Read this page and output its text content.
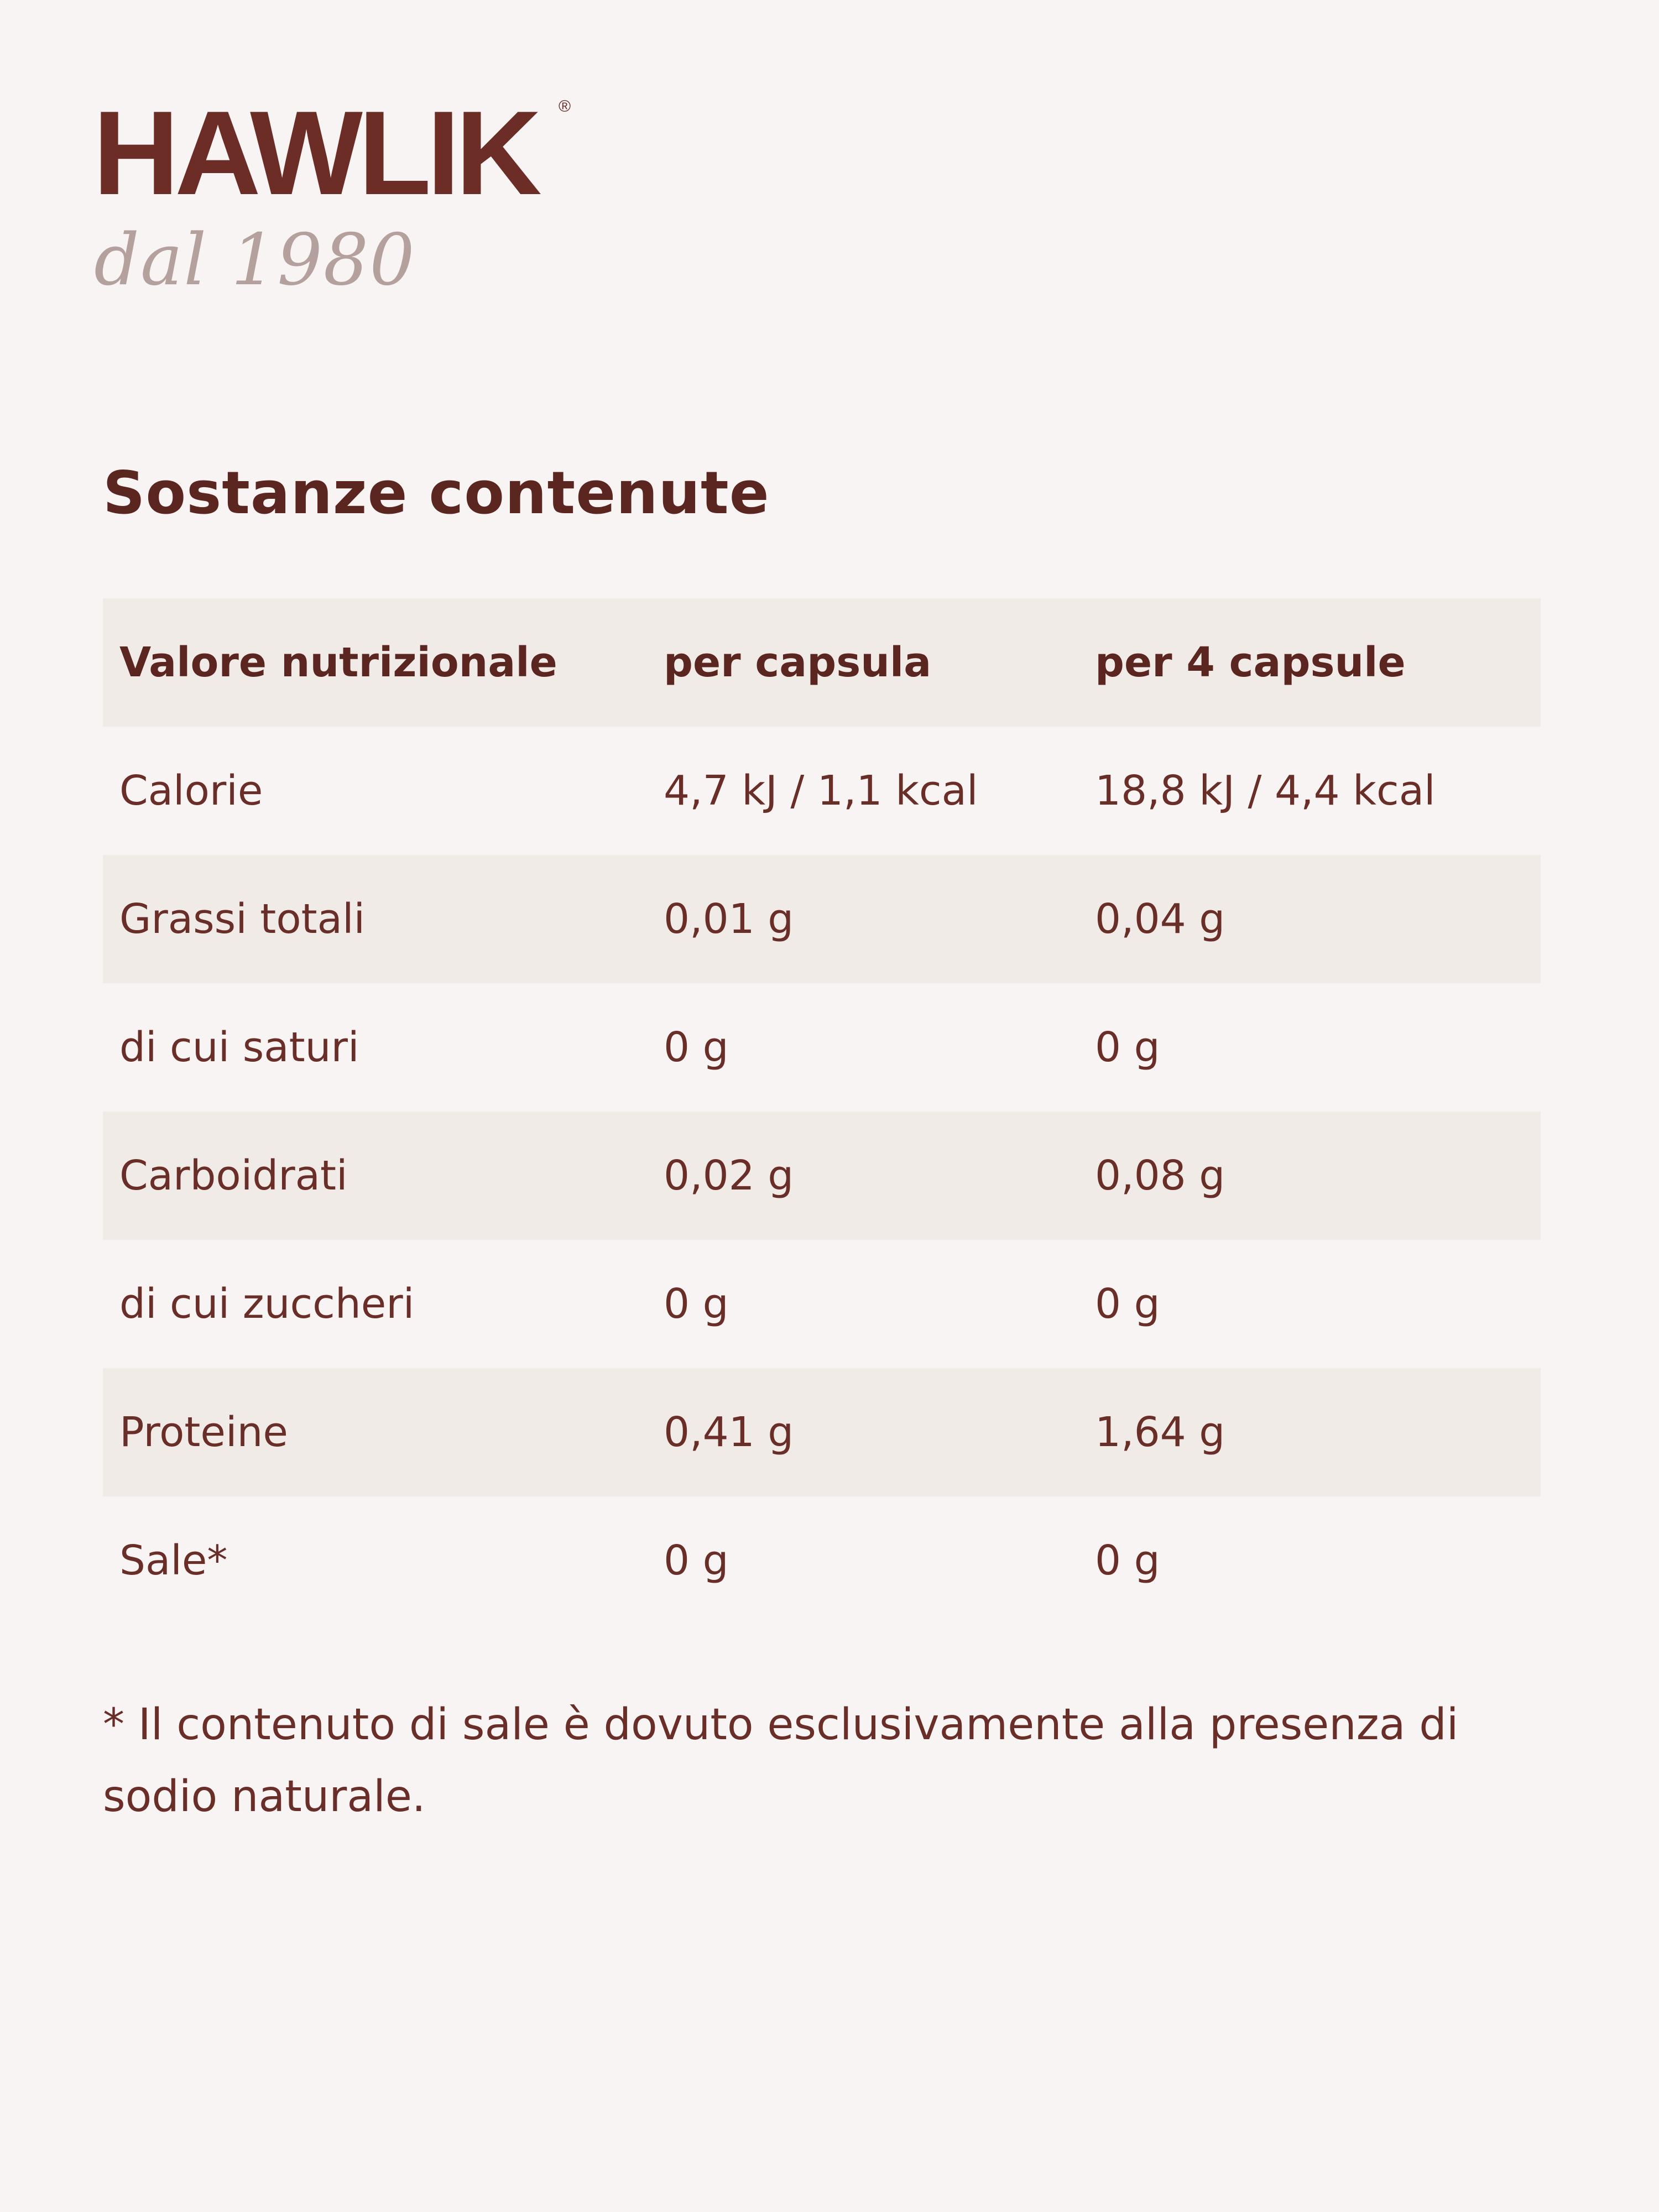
HAWLIK ®
dal 1980
Sostanze contenute
Valore nutrizionale	per capsula	per 4 capsule
Calorie	4,7 kJ / 1,1 kcal	18,8 kJ / 4,4 kcal
Grassi totali	0,01 g	0,04 g
di cui saturi	0 g	0 g
Carboidrati	0,02 g	0,08 g
di cui zuccheri	0 g	0 g
Proteine	0,41 g	1,64 g
Sale*	0 g	0 g

* Il contenuto di sale è dovuto esclusivamente alla presenza di sodio naturale.
